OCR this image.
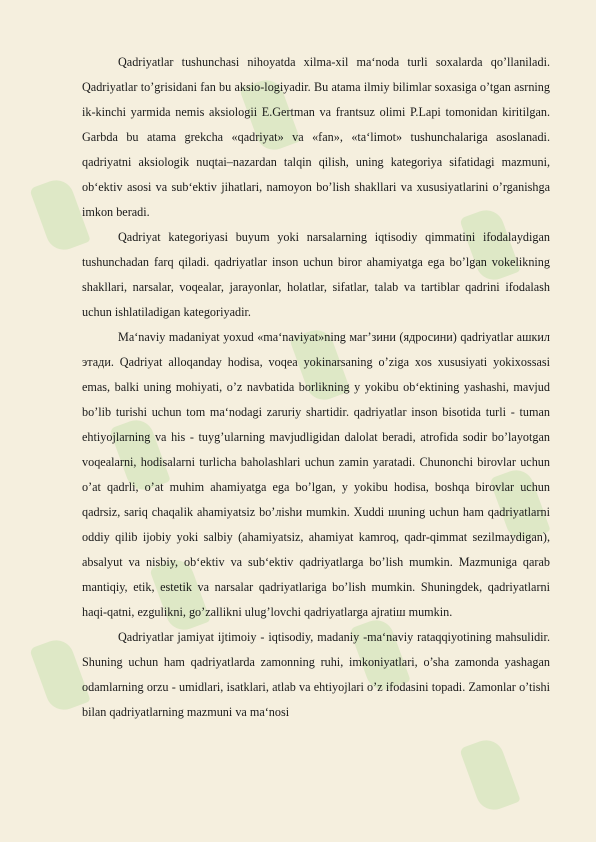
Qadriyatlar tushunchasi nihoyatda xilma-xil ma‘noda turli soxalarda qo’llaniladi. Qadriyatlar to’grisidani fan bu aksio-logiyadir. Bu atama ilmiy bilimlar soxasiga o’tgan asrning ik-kinchi yarmida nemis aksiologii E.Gertman va frantsuz olimi P.Lapi tomonidan kiritilgan. Garbda bu atama grekcha «qadriyat» va «fan», «ta‘limot» tushunchalariga asoslanadi. qadriyatni aksiologik nuqtai–nazardan talqin qilish, uning kategoriya sifatidagi mazmuni, ob‘ektiv asosi va sub‘ektiv jihatlari, namoyon bo’lish shakllari va xususiyatlarini o’rganishga imkon beradi.

Qadriyat kategoriyasi buyum yoki narsalarning iqtisodiy qimmatini ifodalaydigan tushunchadan farq qiladi. qadriyatlar inson uchun biror ahamiyatga ega bo’lgan vokelikning shakllari, narsalar, voqealar, jarayonlar, holatlar, sifatlar, talab va tartiblar qadrini ifodalash uchun ishlatiladigan kategoriyadir.

Ma‘naviy madaniyat yoxud «ma‘naviyat»ning маг’зини (ядросини) qadriyatlar ашкил этади. Qadriyat alloqanday hodisa, voqea yokinarsaning o’ziga xos xususiyati yokixossasi emas, balki uning mohiyati, o’z navbatida borlikning y yokibu ob‘ektining yashashi, mavjud bo’lib turishi uchun tom ma‘nodagi zaruriy shartidir. qadriyatlar inson bisotida turli - tuman ehtiyojlarning va his - tuyg’ularning mavjudligidan dalolat beradi, atrofida sodir bo’layotgan voqealarni, hodisalarni turlicha baholashlari uchun zamin yaratadi. Chunonchi birovlar uchun o’at qadrli, o’at muhim ahamiyatga ega bo’lgan, y yokibu hodisa, boshqa birovlar uchun qadrsiz, sariq chaqalik ahamiyatsiz bo’лishи mumkin. Xuddi шuning uchun ham qadriyatlarni oddiy qilib ijobiy yoki salbiy (ahamiyatsiz, ahamiyat kamroq, qadr-qimmat sezilmaydigan), absalyut va nisbiy, ob‘ektiv va sub‘ektiv qadriyatlarga bo’lish mumkin. Mazmuniga qarab mantiqiy, etik, estetik va narsalar qadriyatlariga bo’lish mumkin. Shuningdek, qadriyatlarni haqi-qatni, ezgulikni, go’zallikni ulug’lovchi qadriyatlarga ajratiш mumkin.

Qadriyatlar jamiyat ijtimoiy - iqtisodiy, madaniy -ma‘naviy rataqqiyotining mahsulidir. Shuning uchun ham qadriyatlarda zamonning ruhi, imkoniyatlari, o’sha zamonda yashagan odamlarning orzu - umidlari, isatklari, atlab va ehtiyojlari o’z ifodasini topadi. Zamonlar o’tishi bilan qadriyatlarning mazmuni va ma‘nosi
